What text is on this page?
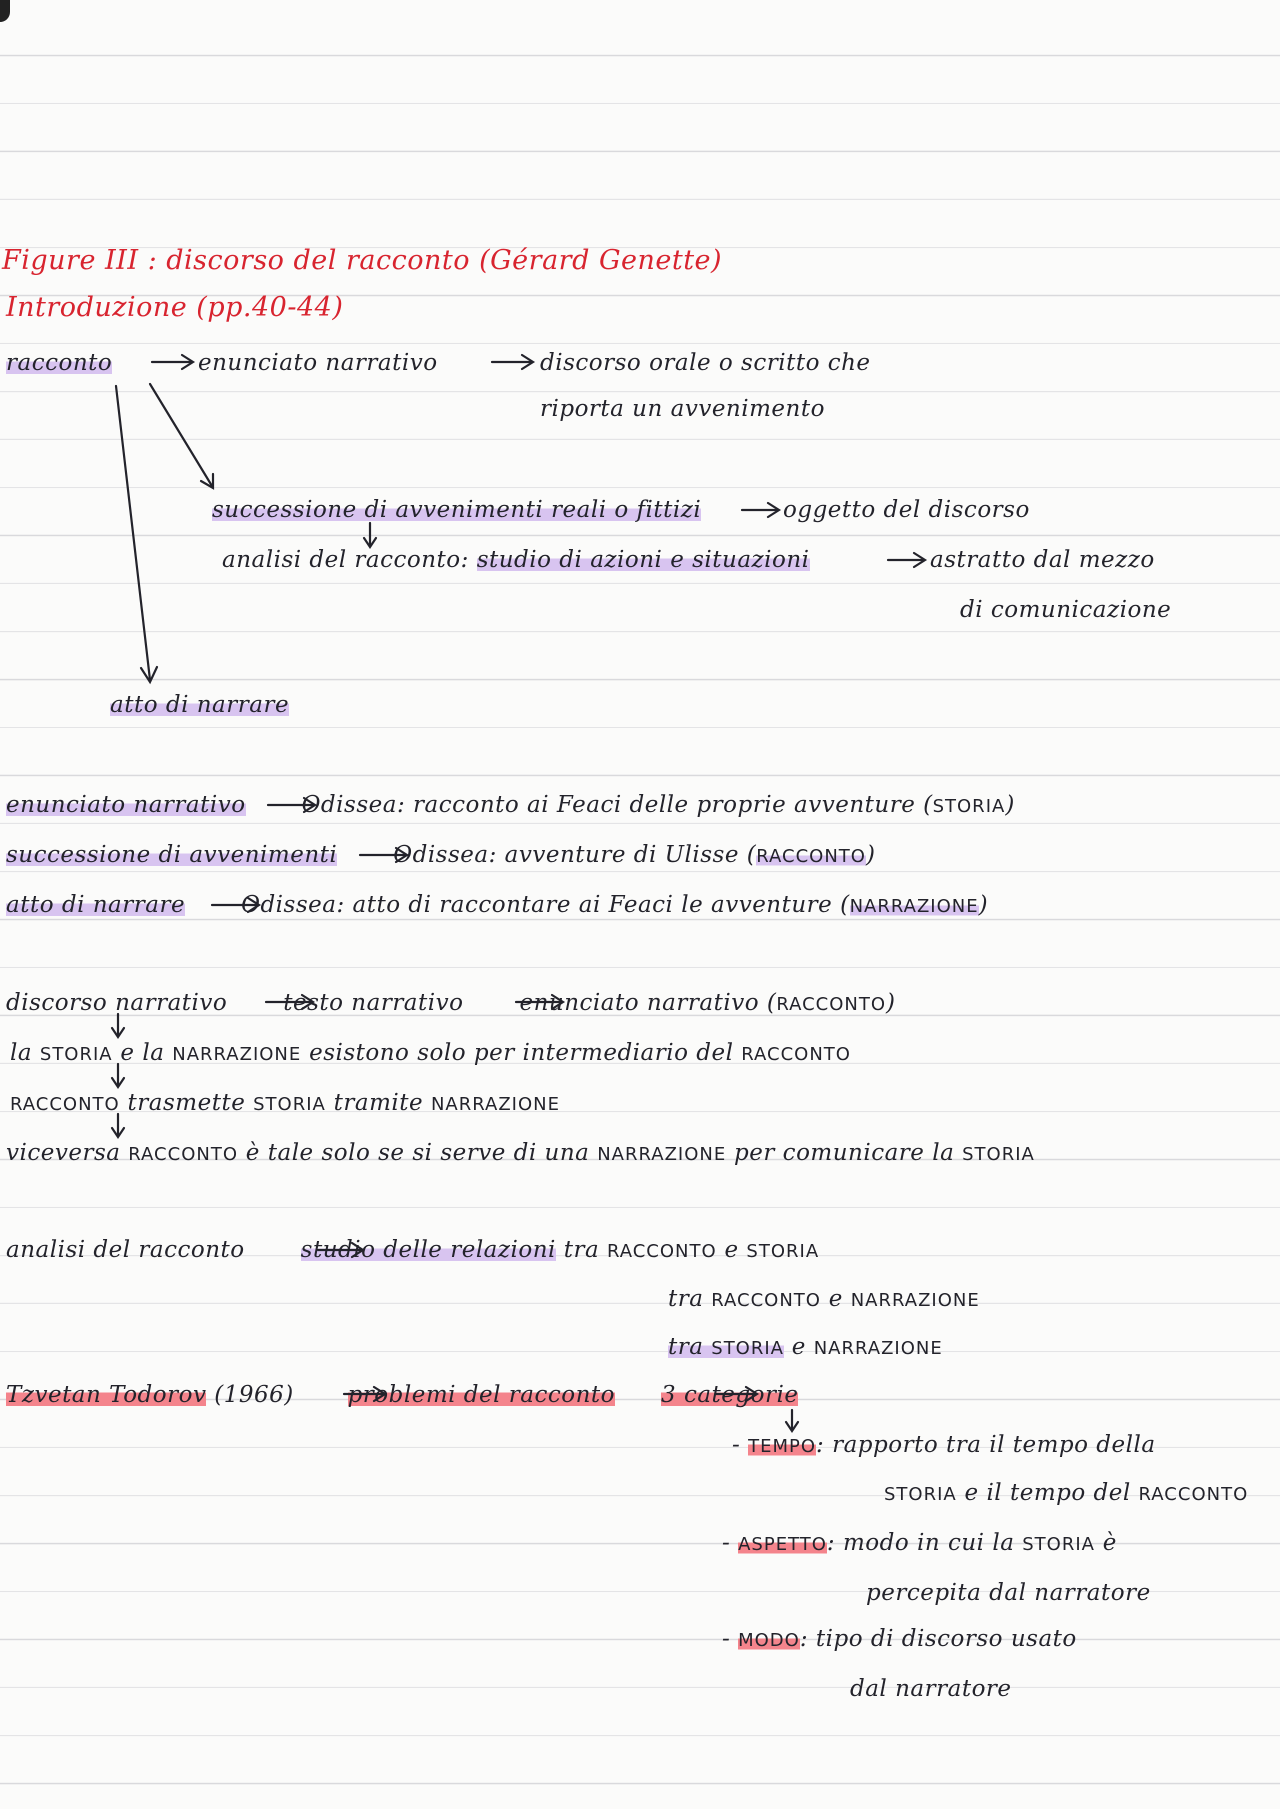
Figure III : discorso del racconto (Gérard Genette)
Introduzione (pp.40-44)
racconto	enunciato narrativo	discorso orale o scritto che
riporta un avvenimento
successione di avvenimenti reali o fittizi	oggetto del discorso
analisi del racconto: studio di azioni e situazioni	astratto dal mezzo
di comunicazione
atto di narrare
enunciato narrativo Odissea: racconto ai Feaci delle proprie avventure (STORIA)
successione di avvenimenti Odissea: avventure di Ulisse (RACCONTO)
atto di narrare Odissea: atto di raccontare ai Feaci le avventure (NARRAZIONE)
discorso narrativo testo narrativo enunciato narrativo (RACCONTO)
la STORIA e la NARRAZIONE esistono solo per intermediario del RACCONTO
RACCONTO trasmette STORIA tramite NARRAZIONE
viceversa RACCONTO è tale solo se si serve di una NARRAZIONE per comunicare la STORIA
analisi del racconto studio delle relazioni tra RACCONTO e STORIA
tra RACCONTO e NARRAZIONE
tra STORIA e NARRAZIONE
Tzvetan Todorov (1966) problemi del racconto 3 categorie
- TEMPO: rapporto tra il tempo della
STORIA e il tempo del RACCONTO
- ASPETTO: modo in cui la STORIA è
percepita dal narratore
- MODO: tipo di discorso usato
dal narratore
